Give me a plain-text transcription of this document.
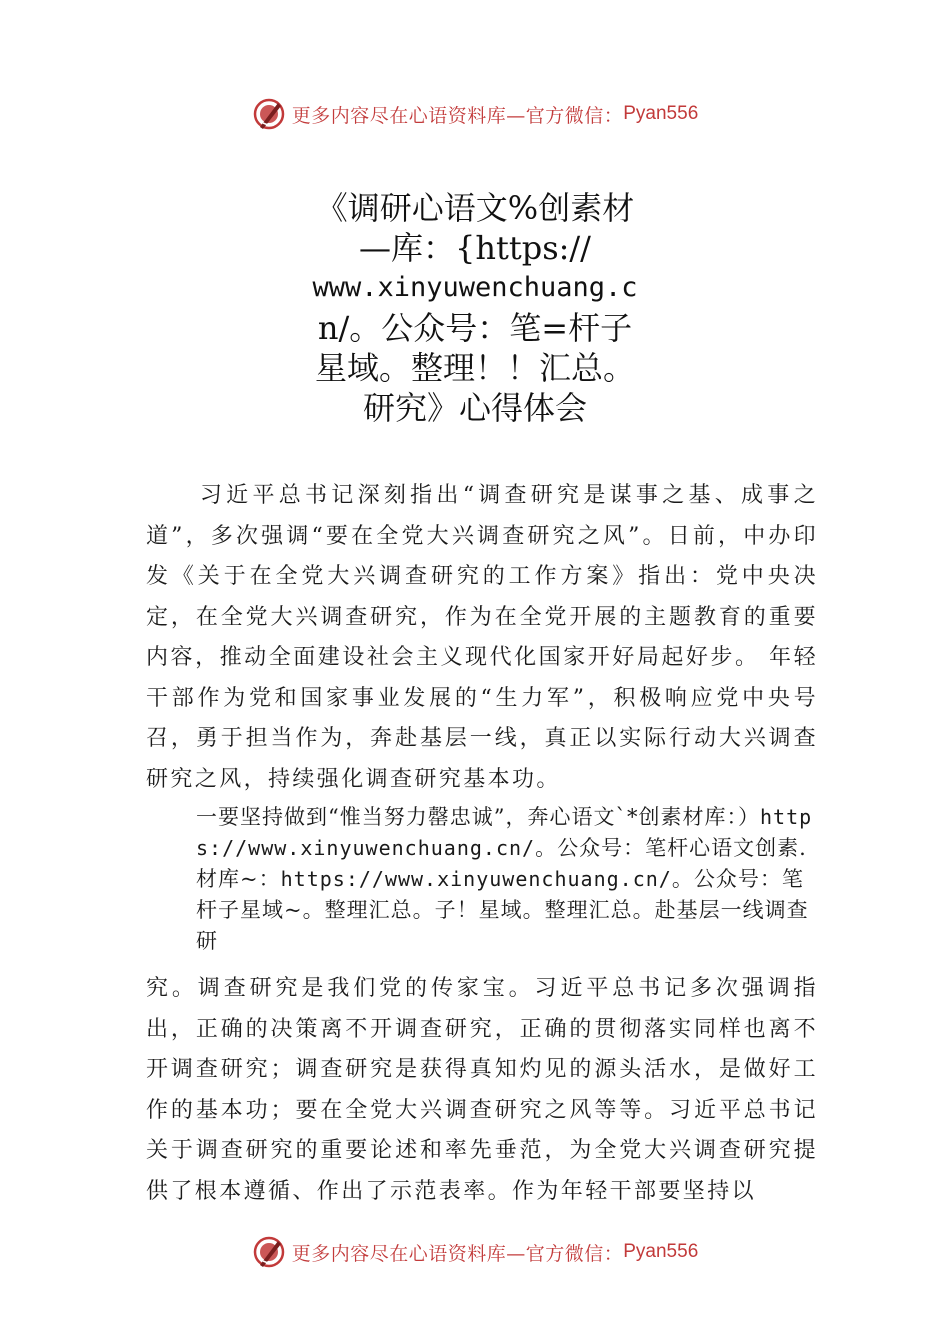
更多内容尽在心语资料库—官方微信： Pyan556
《调研心语文%创素材
—库：{https://
www.xinyuwenchuang.c
n/。公众号：笔=杆子
星域。整理！！汇总。
研究》心得体会
习近平总书记深刻指出“调查研究是谋事之基、成事之道”，多次强调“要在全党大兴调查研究之风”。日前，中办印发《关于在全党大兴调查研究的工作方案》指出：党中央决定，在全党大兴调查研究，作为在全党开展的主题教育的重要内容，推动全面建设社会主义现代化国家开好局起好步。 年轻干部作为党和国家事业发展的“生力军”，积极响应党中央号召，勇于担当作为，奔赴基层一线，真正以实际行动大兴调查研究之风，持续强化调查研究基本功。
一要坚持做到“惟当努力罄忠诚”，奔心语文`*创素材库：）https://www.xinyuwenchuang.cn/。公众号：笔杆心语文创素.材库~：https://www.xinyuwenchuang.cn/。公众号：笔杆子星域~。整理汇总。子！星域。整理汇总。赴基层一线调查研
究。调查研究是我们党的传家宝。习近平总书记多次强调指出，正确的决策离不开调查研究，正确的贯彻落实同样也离不开调查研究；调查研究是获得真知灼见的源头活水，是做好工作的基本功；要在全党大兴调查研究之风等等。习近平总书记关于调查研究的重要论述和率先垂范，为全党大兴调查研究提供了根本遵循、作出了示范表率。作为年轻干部要坚持以
更多内容尽在心语资料库—官方微信： Pyan556
